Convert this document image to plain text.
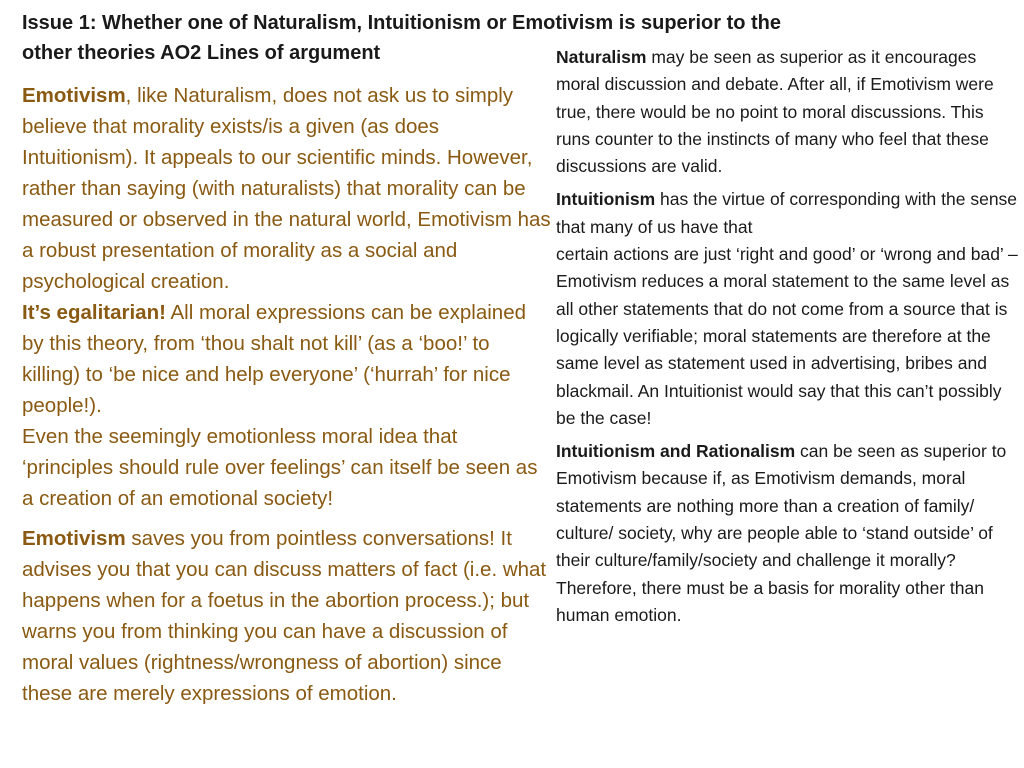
Issue 1: Whether one of Naturalism, Intuitionism or Emotivism is superior to the
other theories AO2 Lines of argument

Emotivism, like Naturalism, does not ask us to simply believe that morality exists/is a given (as does Intuitionism). It appeals to our scientific minds. However, rather than saying (with naturalists) that morality can be measured or observed in the natural world, Emotivism has a robust presentation of morality as a social and psychological creation.

It’s egalitarian! All moral expressions can be explained by this theory, from ‘thou shalt not kill’ (as a ‘boo!’ to killing) to ‘be nice and help everyone’ (‘hurrah’ for nice people!).

Even the seemingly emotionless moral idea that ‘principles should rule over feelings’ can itself be seen as a creation of an emotional society!

Emotivism saves you from pointless conversations! It advises you that you can discuss matters of fact (i.e. what happens when for a foetus in the abortion process.); but warns you from thinking you can have a discussion of moral values (rightness/wrongness of abortion) since these are merely expressions of emotion.

Naturalism may be seen as superior as it encourages moral discussion and debate. After all, if Emotivism were true, there would be no point to moral discussions. This runs counter to the instincts of many who feel that these discussions are valid.

Intuitionism has the virtue of corresponding with the sense that many of us have that
certain actions are just ‘right and good’ or ‘wrong and bad’ – Emotivism reduces a moral statement to the same level as all other statements that do not come from a source that is logically verifiable; moral statements are therefore at the same level as statement used in advertising, bribes and blackmail. An Intuitionist would say that this can’t possibly be the case!

Intuitionism and Rationalism can be seen as superior to Emotivism because if, as Emotivism demands, moral statements are nothing more than a creation of family/ culture/ society, why are people able to ‘stand outside’ of their culture/family/society and challenge it morally? Therefore, there must be a basis for morality other than human emotion.
